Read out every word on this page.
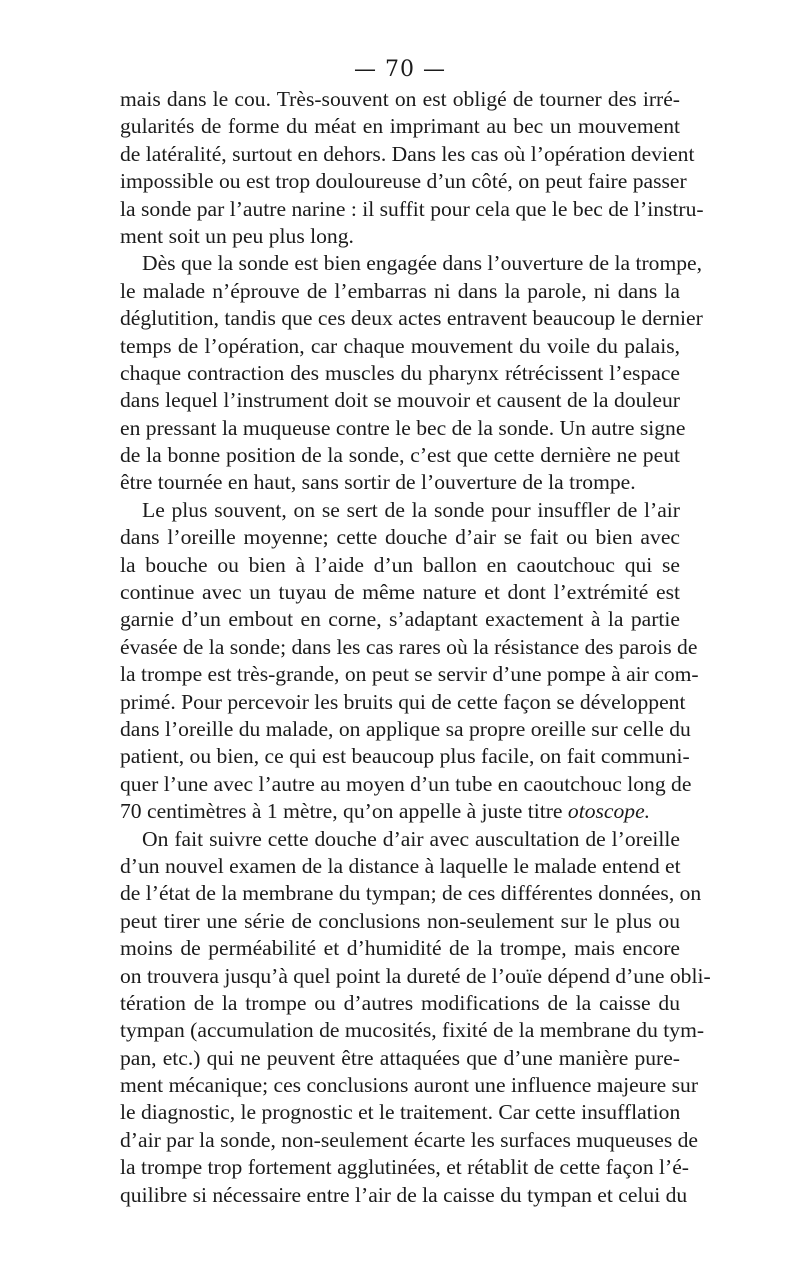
— 70 —
mais dans le cou. Très-souvent on est obligé de tourner des irré-
gularités de forme du méat en imprimant au bec un mouvement
de latéralité, surtout en dehors. Dans les cas où l’opération devient
impossible ou est trop douloureuse d’un côté, on peut faire passer
la sonde par l’autre narine : il suffit pour cela que le bec de l’instru-
ment soit un peu plus long.
Dès que la sonde est bien engagée dans l’ouverture de la trompe,
le malade n’éprouve de l’embarras ni dans la parole, ni dans la
déglutition, tandis que ces deux actes entravent beaucoup le dernier
temps de l’opération, car chaque mouvement du voile du palais,
chaque contraction des muscles du pharynx rétrécissent l’espace
dans lequel l’instrument doit se mouvoir et causent de la douleur
en pressant la muqueuse contre le bec de la sonde. Un autre signe
de la bonne position de la sonde, c’est que cette dernière ne peut
être tournée en haut, sans sortir de l’ouverture de la trompe.
Le plus souvent, on se sert de la sonde pour insuffler de l’air
dans l’oreille moyenne; cette douche d’air se fait ou bien avec
la bouche ou bien à l’aide d’un ballon en caoutchouc qui se
continue avec un tuyau de même nature et dont l’extrémité est
garnie d’un embout en corne, s’adaptant exactement à la partie
évasée de la sonde; dans les cas rares où la résistance des parois de
la trompe est très-grande, on peut se servir d’une pompe à air com-
primé. Pour percevoir les bruits qui de cette façon se développent
dans l’oreille du malade, on applique sa propre oreille sur celle du
patient, ou bien, ce qui est beaucoup plus facile, on fait communi-
quer l’une avec l’autre au moyen d’un tube en caoutchouc long de
70 centimètres à 1 mètre, qu’on appelle à juste titre otoscope.
On fait suivre cette douche d’air avec auscultation de l’oreille
d’un nouvel examen de la distance à laquelle le malade entend et
de l’état de la membrane du tympan; de ces différentes données, on
peut tirer une série de conclusions non-seulement sur le plus ou
moins de perméabilité et d’humidité de la trompe, mais encore
on trouvera jusqu’à quel point la dureté de l’ouïe dépend d’une obli-
tération de la trompe ou d’autres modifications de la caisse du
tympan (accumulation de mucosités, fixité de la membrane du tym-
pan, etc.) qui ne peuvent être attaquées que d’une manière pure-
ment mécanique; ces conclusions auront une influence majeure sur
le diagnostic, le prognostic et le traitement. Car cette insufflation
d’air par la sonde, non-seulement écarte les surfaces muqueuses de
la trompe trop fortement agglutinées, et rétablit de cette façon l’é-
quilibre si nécessaire entre l’air de la caisse du tympan et celui du
